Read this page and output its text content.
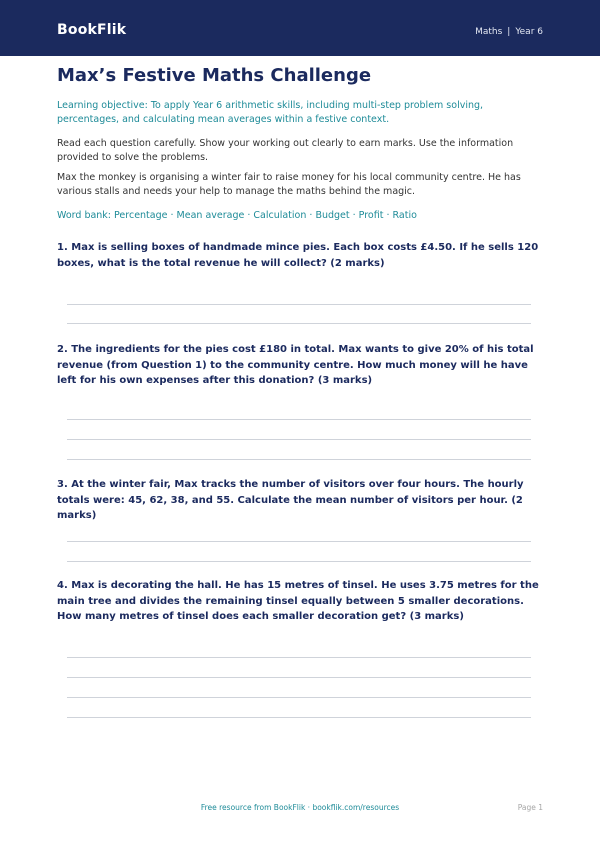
BookFlik	Maths | Year 6
Max’s Festive Maths Challenge
Learning objective: To apply Year 6 arithmetic skills, including multi-step problem solving, percentages, and calculating mean averages within a festive context.
Read each question carefully. Show your working out clearly to earn marks. Use the information provided to solve the problems.
Max the monkey is organising a winter fair to raise money for his local community centre. He has various stalls and needs your help to manage the maths behind the magic.
Word bank: Percentage · Mean average · Calculation · Budget · Profit · Ratio
1. Max is selling boxes of handmade mince pies. Each box costs £4.50. If he sells 120 boxes, what is the total revenue he will collect? (2 marks)
2. The ingredients for the pies cost £180 in total. Max wants to give 20% of his total revenue (from Question 1) to the community centre. How much money will he have left for his own expenses after this donation? (3 marks)
3. At the winter fair, Max tracks the number of visitors over four hours. The hourly totals were: 45, 62, 38, and 55. Calculate the mean number of visitors per hour. (2 marks)
4. Max is decorating the hall. He has 15 metres of tinsel. He uses 3.75 metres for the main tree and divides the remaining tinsel equally between 5 smaller decorations. How many metres of tinsel does each smaller decoration get? (3 marks)
Free resource from BookFlik · bookflik.com/resources	Page 1
